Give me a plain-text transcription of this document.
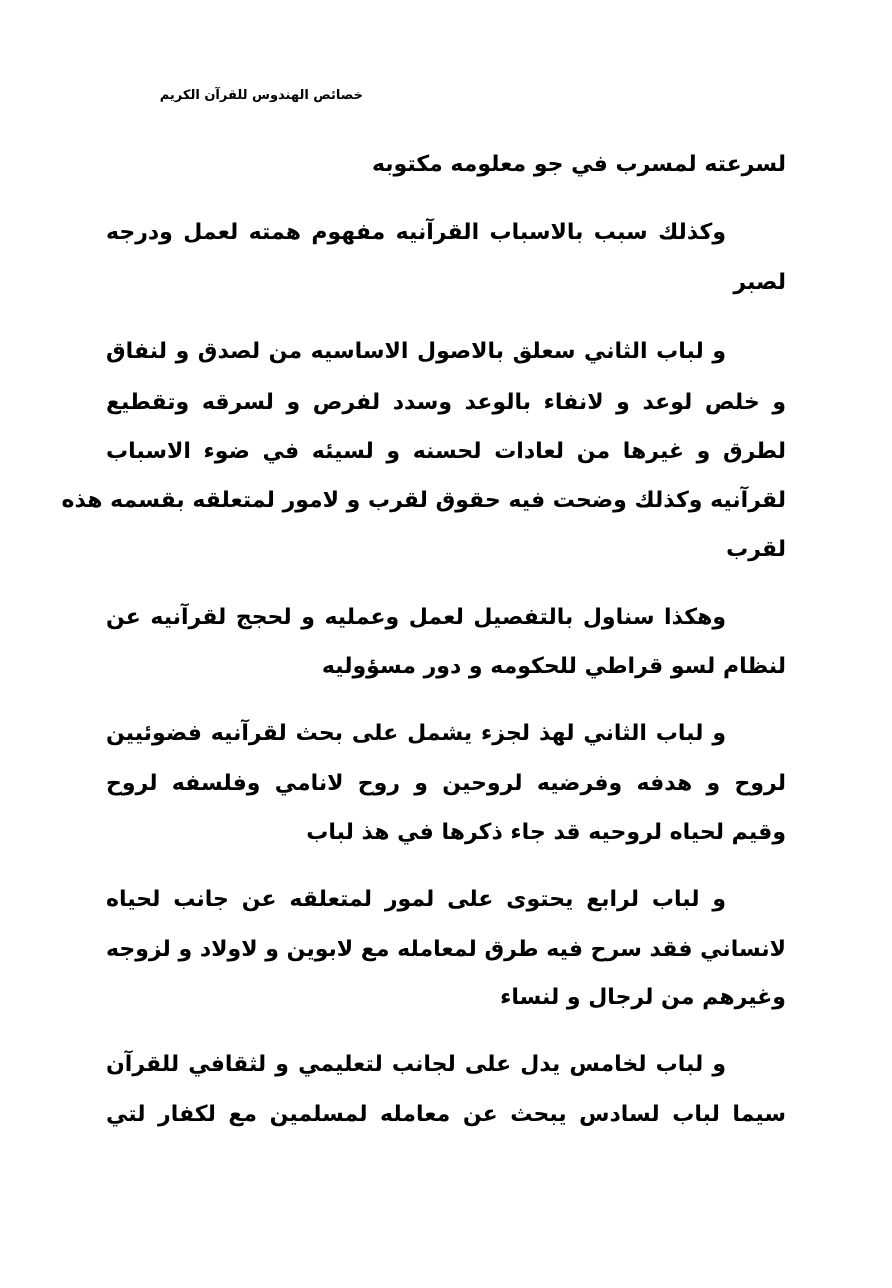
خصائص الهندوس للقرآن الكريم
لسرعته لمسرب في جو معلومه مكتوبه
وكذلك سبب بالاسباب القرآنيه مفهوم همته لعمل ودرجه
لصبر
و لباب الثاني سعلق بالاصول الاساسيه من لصدق و لنفاق
و خلص لوعد و لانفاء بالوعد وسدد لفرص و لسرقه وتقطيع
لطرق و غيرها من لعادات لحسنه و لسيئه في ضوء الاسباب
لقرآنيه وكذلك وضحت فيه حقوق لقرب و لامور لمتعلقه بقسمه هذه
لقرب
وهكذا سناول بالتفصيل لعمل وعمليه و لحجج لقرآنيه عن
لنظام لسو قراطي للحكومه و دور مسؤوليه
و لباب الثاني لهذ لجزء يشمل على بحث لقرآنيه فضوئيين
لروح و هدفه وفرضيه لروحين و روح لانامي وفلسفه لروح
وقيم لحياه لروحيه قد جاء ذكرها في هذ لباب
و لباب لرابع يحتوى على لمور لمتعلقه عن جانب لحياه
لانساني فقد سرح فيه طرق لمعامله مع لابوين و لاولاد و لزوجه
وغيرهم من لرجال و لنساء
و لباب لخامس يدل على لجانب لتعليمي و لثقافي للقرآن
سيما لباب لسادس يبحث عن معامله لمسلمين مع لكفار لتي
